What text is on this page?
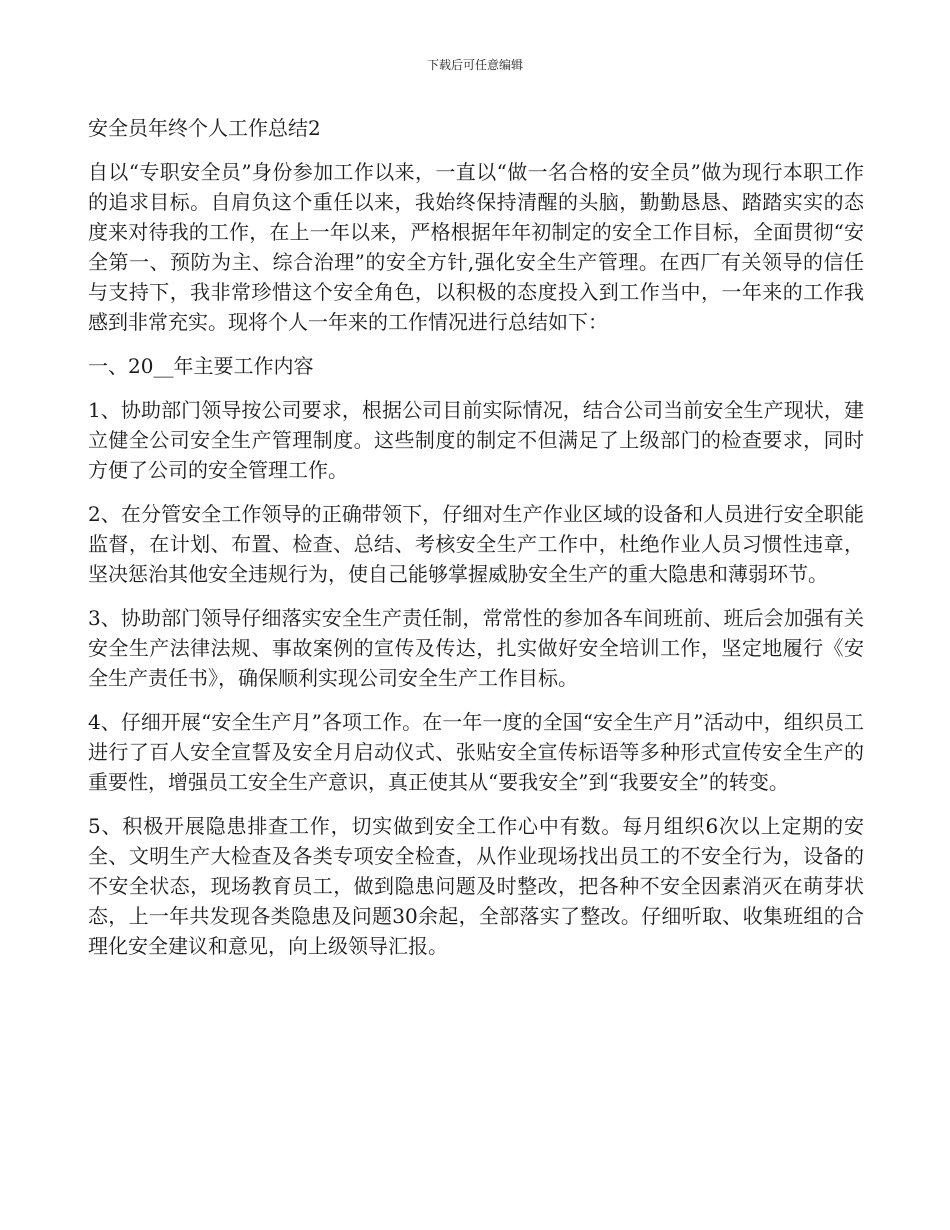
下载后可任意编辑
安全员年终个人工作总结2
自以“专职安全员”身份参加工作以来，一直以“做一名合格的安全员”做为现行本职工作的追求目标。自肩负这个重任以来，我始终保持清醒的头脑，勤勤恳恳、踏踏实实的态度来对待我的工作，在上一年以来，严格根据年年初制定的安全工作目标，全面贯彻“安全第一、预防为主、综合治理”的安全方针,强化安全生产管理。在西厂有关领导的信任与支持下，我非常珍惜这个安全角色，以积极的态度投入到工作当中，一年来的工作我感到非常充实。现将个人一年来的工作情况进行总结如下：
一、20__年主要工作内容
1、协助部门领导按公司要求，根据公司目前实际情况，结合公司当前安全生产现状，建立健全公司安全生产管理制度。这些制度的制定不但满足了上级部门的检查要求，同时方便了公司的安全管理工作。
2、在分管安全工作领导的正确带领下，仔细对生产作业区域的设备和人员进行安全职能监督，在计划、布置、检查、总结、考核安全生产工作中，杜绝作业人员习惯性违章，坚决惩治其他安全违规行为，使自己能够掌握威胁安全生产的重大隐患和薄弱环节。
3、协助部门领导仔细落实安全生产责任制，常常性的参加各车间班前、班后会加强有关安全生产法律法规、事故案例的宣传及传达，扎实做好安全培训工作，坚定地履行《安全生产责任书》，确保顺利实现公司安全生产工作目标。
4、仔细开展“安全生产月”各项工作。在一年一度的全国“安全生产月”活动中，组织员工进行了百人安全宣誓及安全月启动仪式、张贴安全宣传标语等多种形式宣传安全生产的重要性，增强员工安全生产意识，真正使其从“要我安全”到“我要安全”的转变。
5、积极开展隐患排查工作，切实做到安全工作心中有数。每月组织6次以上定期的安全、文明生产大检查及各类专项安全检查，从作业现场找出员工的不安全行为，设备的不安全状态，现场教育员工，做到隐患问题及时整改，把各种不安全因素消灭在萌芽状态，上一年共发现各类隐患及问题30余起，全部落实了整改。仔细听取、收集班组的合理化安全建议和意见，向上级领导汇报。
